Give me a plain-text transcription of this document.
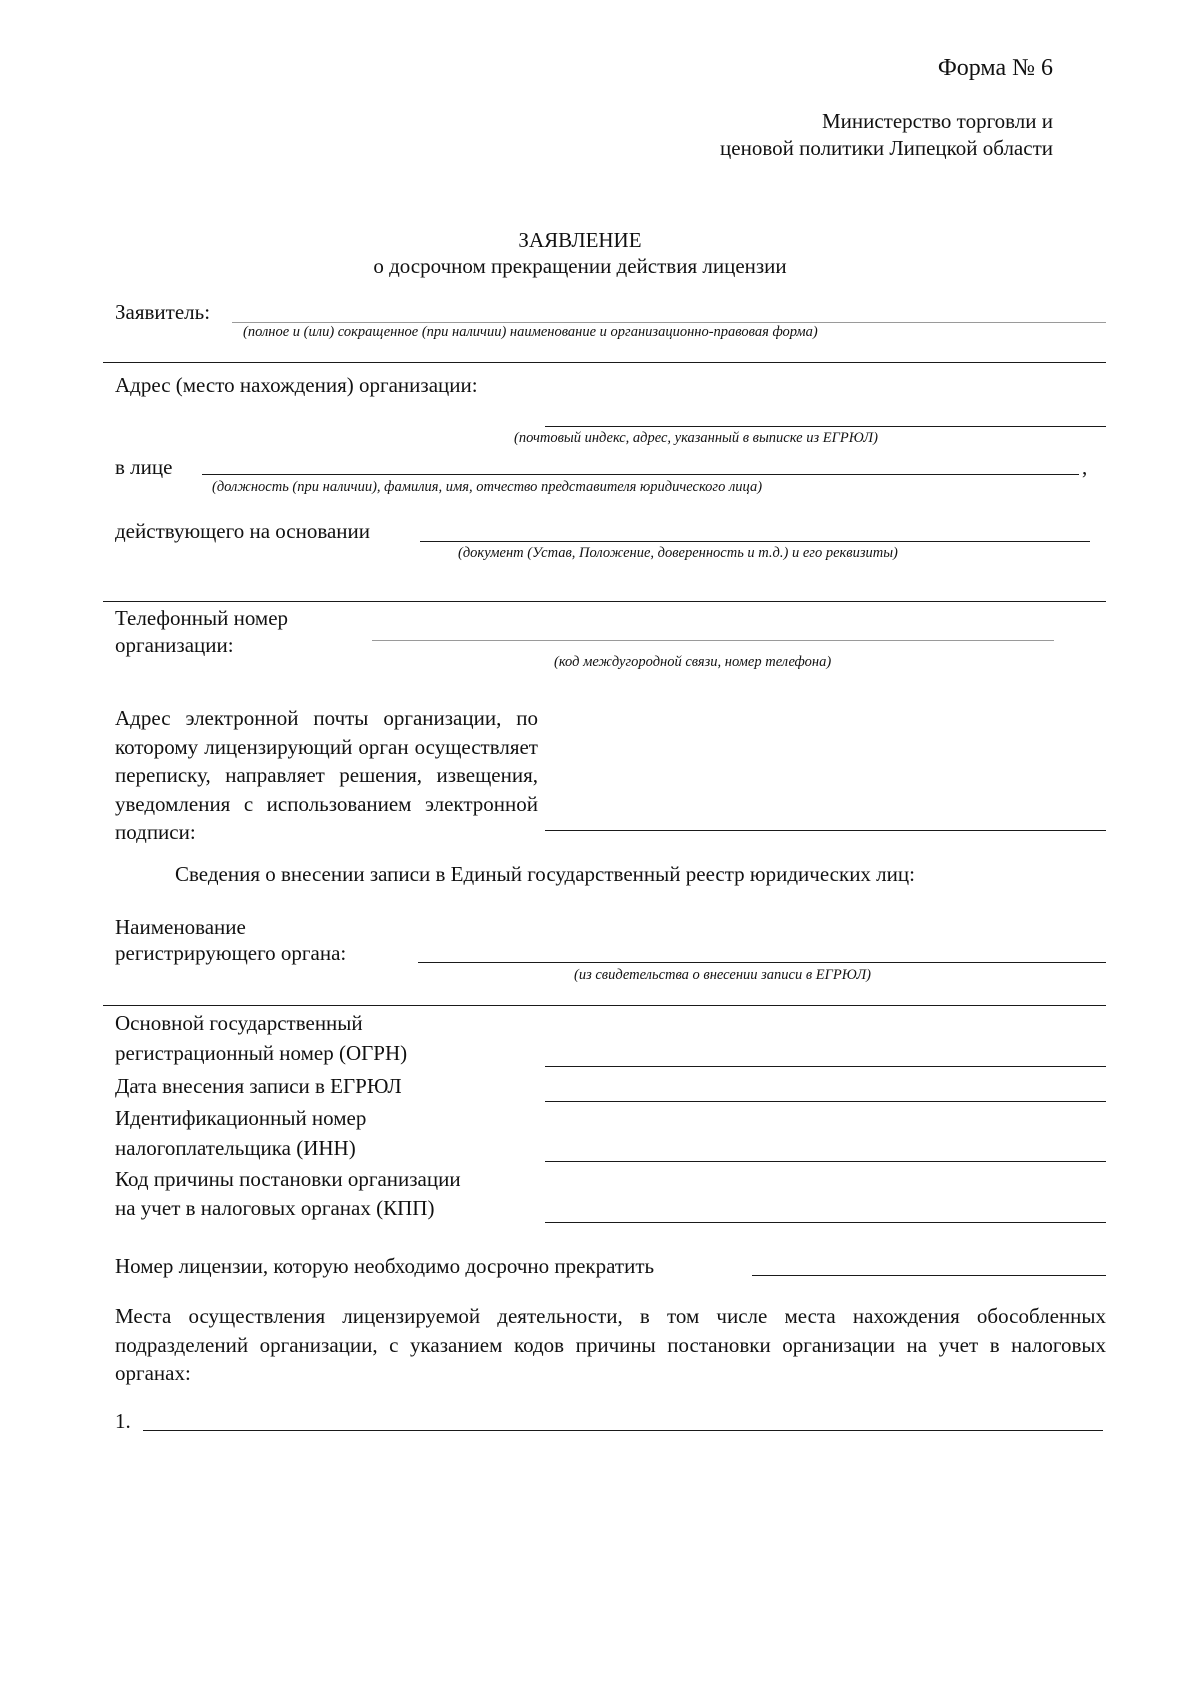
Форма № 6
Министерство торговли и
ценовой политики Липецкой области
ЗАЯВЛЕНИЕ
о досрочном прекращении действия лицензии
Заявитель:
(полное и (или) сокращенное (при наличии) наименование и организационно-правовая форма)
Адрес (место нахождения) организации:
(почтовый индекс, адрес, указанный в выписке из ЕГРЮЛ)
в лице	,
(должность (при наличии), фамилия, имя, отчество представителя юридического лица)
действующего на основании
(документ (Устав, Положение, доверенность и т.д.) и его реквизиты)
Телефонный номер
организации:
(код междугородной связи, номер телефона)
Адрес электронной почты организации, по которому лицензирующий орган осуществляет переписку, направляет решения, извещения, уведомления с использованием электронной подписи:
Сведения о внесении записи в Единый государственный реестр юридических лиц:
Наименование
регистрирующего органа:
(из свидетельства о внесении записи в ЕГРЮЛ)
Основной государственный
регистрационный номер (ОГРН)
Дата внесения записи в ЕГРЮЛ
Идентификационный номер
налогоплательщика (ИНН)
Код причины постановки организации
на учет в налоговых органах (КПП)
Номер лицензии, которую необходимо досрочно прекратить
Места осуществления лицензируемой деятельности, в том числе места нахождения обособленных подразделений организации, с указанием кодов причины постановки организации на учет в налоговых органах:
1.
